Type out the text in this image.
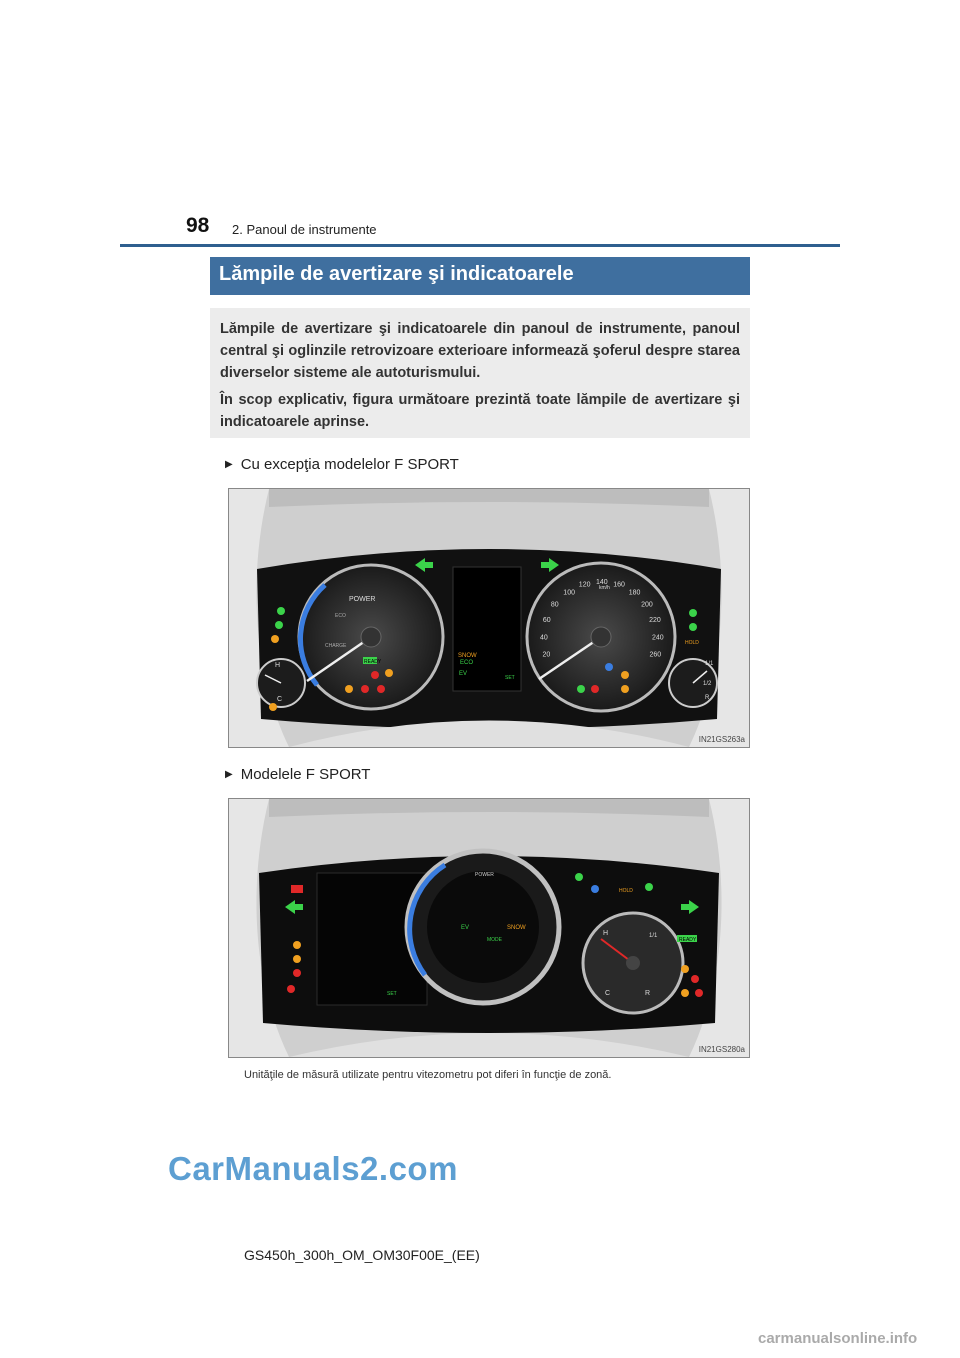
98 2. Panoul de instrumente
Lămpile de avertizare şi indicatoarele

Lămpile de avertizare şi indicatoarele din panoul de instrumente, panoul central şi oglinzile retrovizoare exterioare informează şoferul despre starea diverselor sisteme ale autoturismului.

În scop explicativ, figura următoare prezintă toate lămpile de avertizare şi indicatoarele aprinse.

▶ Cu excepţia modelelor F SPORT
POWER
ECO
CHARGE
H
C
SNOW
ECO
EV
SET
km/h
20
40
60
80
100
120 140 160
180
200
220
240
260
1/1
1/2
R
READY
HOLD
IN21GS263a
▶ Modelele F SPORT
SET
POWER
EV	SNOW
MODE
H
C	R
1/1
HOLD
READY
IN21GS280a
Unităţile de măsură utilizate pentru vitezometru pot diferi în funcţie de zonă.
CarManuals2.com
GS450h_300h_OM_OM30F00E_(EE)
carmanualsonline.info
